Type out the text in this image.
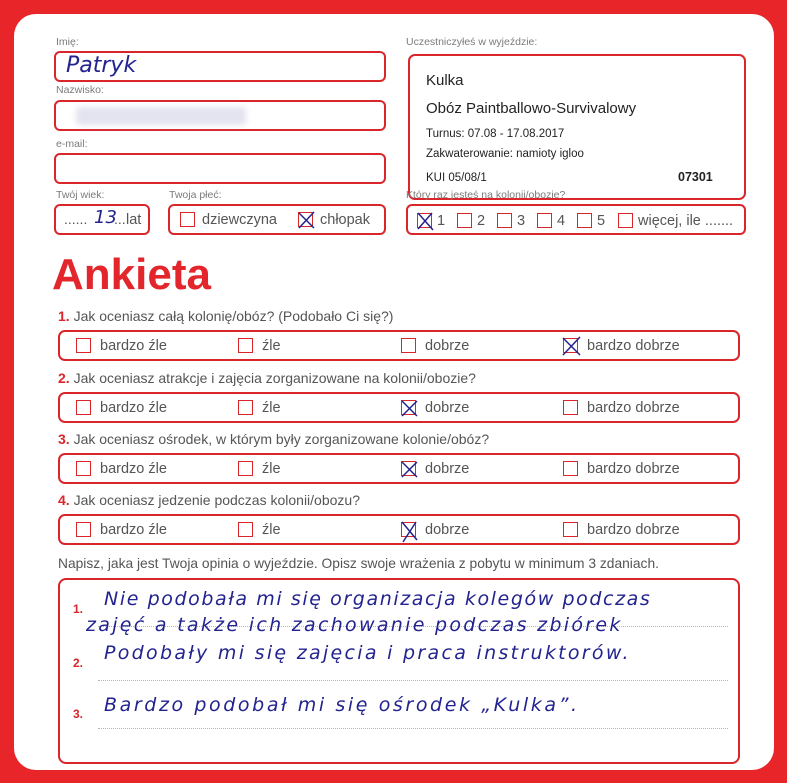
Imię:
Patryk
Nazwisko:
e-mail:
Twój wiek:
...... 13
... lat
Twoja płeć:
dziewczyna	chłopak
Uczestniczyłeś w wyjeździe:
Kulka
Obóz Paintballowo-Survivalowy
Turnus: 07.08 - 17.08.2017
Zakwaterowanie: namioty igloo
KUI 05/08/1	07301
Który raz jesteś na kolonii/obozie?
1 2 3 4 5 więcej, ile .......
Ankieta
1. Jak oceniasz całą kolonię/obóz? (Podobało Ci się?)
bardzo źle	źle	dobrze	bardzo dobrze
2. Jak oceniasz atrakcje i zajęcia zorganizowane na kolonii/obozie?
bardzo źle	źle	dobrze	bardzo dobrze
3. Jak oceniasz ośrodek, w którym były zorganizowane kolonie/obóz?
bardzo źle	źle	dobrze	bardzo dobrze
4. Jak oceniasz jedzenie podczas kolonii/obozu?
bardzo źle	źle	dobrze	bardzo dobrze
Napisz, jaka jest Twoja opinia o wyjeździe. Opisz swoje wrażenia z pobytu w minimum 3 zdaniach.
1.
2.
3.
Nie podobała mi się organizacja kolegów podczas
zajęć a także ich zachowanie podczas zbiórek
Podobały mi się zajęcia i praca instruktorów.
Bardzo podobał mi się ośrodek „Kulka”.
